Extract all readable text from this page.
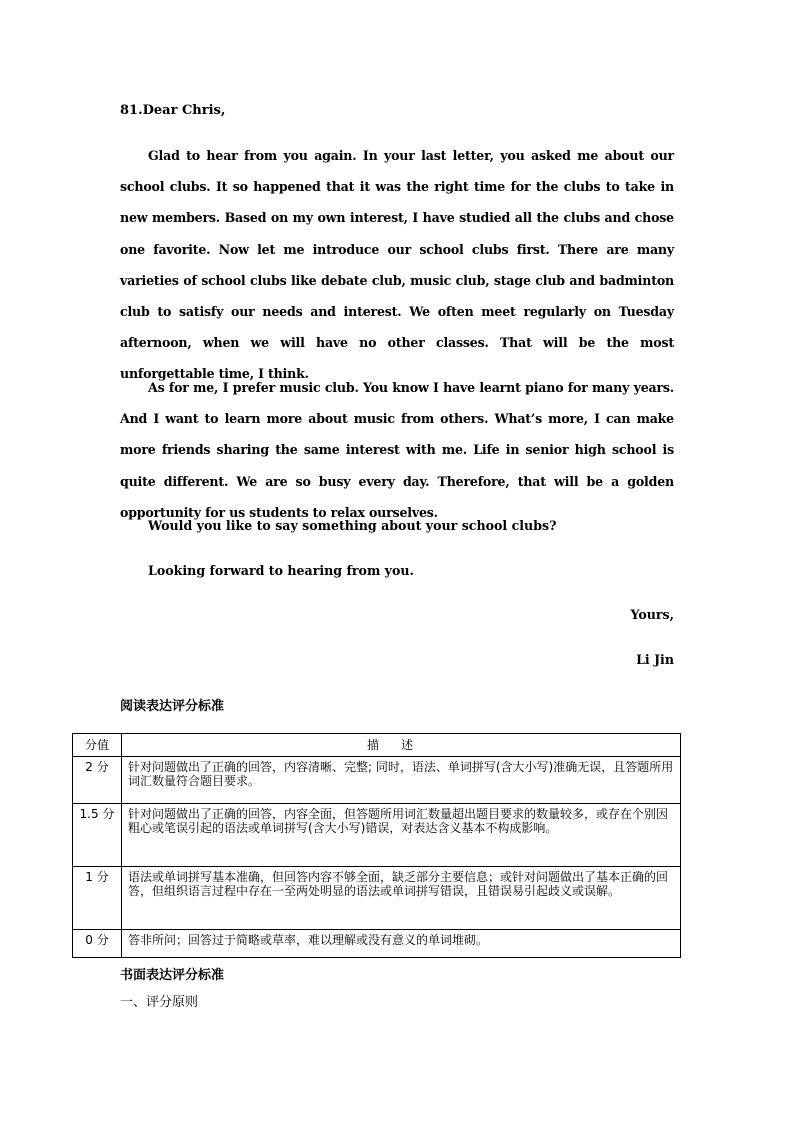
81.Dear Chris,
Glad to hear from you again. In your last letter, you asked me about our school clubs. It so happened that it was the right time for the clubs to take in new members. Based on my own interest, I have studied all the clubs and chose one favorite. Now let me introduce our school clubs first. There are many varieties of school clubs like debate club, music club, stage club and badminton club to satisfy our needs and interest. We often meet regularly on Tuesday afternoon, when we will have no other classes. That will be the most unforgettable time, I think.
As for me, I prefer music club. You know I have learnt piano for many years. And I want to learn more about music from others. What’s more, I can make more friends sharing the same interest with me. Life in senior high school is quite different. We are so busy every day. Therefore, that will be a golden opportunity for us students to relax ourselves.
Would you like to say something about your school clubs?
Looking forward to hearing from you.
Yours,
Li Jin
阅读表达评分标准
分值	描述
2 分	针对问题做出了正确的回答，内容清晰、完整; 同时，语法、单词拼写(含大小写)准确无误，且答题所用词汇数量符合题目要求。
1.5 分	针对问题做出了正确的回答，内容全面，但答题所用词汇数量超出题目要求的数量较多，或存在个别因粗心或笔误引起的语法或单词拼写(含大小写)错误，对表达含义基本不构成影响。
1 分	语法或单词拼写基本准确，但回答内容不够全面，缺乏部分主要信息；或针对问题做出了基本正确的回答，但组织语言过程中存在一至两处明显的语法或单词拼写错误，且错误易引起歧义或误解。
0 分	答非所问；回答过于简略或草率，难以理解或没有意义的单词堆砌。
书面表达评分标准
一、评分原则
